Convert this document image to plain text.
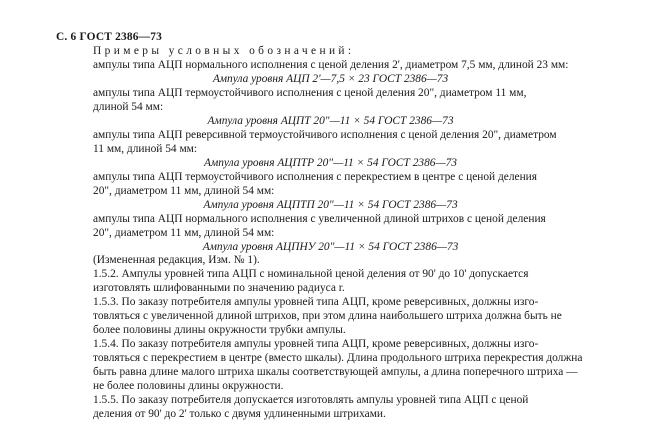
С. 6 ГОСТ 2386—73
Примеры условных обозначений:
ампулы типа АЦП нормального исполнения с ценой деления 2', диаметром 7,5 мм, длиной 23 мм:
Ампула уровня АЦП 2'—7,5 × 23 ГОСТ 2386—73
ампулы типа АЦП термоустойчивого исполнения с ценой деления 20", диаметром 11 мм,
длиной 54 мм:
Ампула уровня АЦПТ 20"—11 × 54 ГОСТ 2386—73
ампулы типа АЦП реверсивной термоустойчивого исполнения с ценой деления 20", диаметром
11 мм, длиной 54 мм:
Ампула уровня АЦПТР 20"—11 × 54 ГОСТ 2386—73
ампулы типа АЦП термоустойчивого исполнения с перекрестием в центре с ценой деления
20", диаметром 11 мм, длиной 54 мм:
Ампула уровня АЦПТП 20"—11 × 54 ГОСТ 2386—73
ампулы типа АЦП нормального исполнения с увеличенной длиной штрихов с ценой деления
20", диаметром 11 мм, длиной 54 мм:
Ампула уровня АЦПНУ 20"—11 × 54 ГОСТ 2386—73
(Измененная редакция, Изм. № 1).
1.5.2. Ампулы уровней типа АЦП с номинальной ценой деления от 90' до 10' допускается
изготовлять шлифованными по значению радиуса r.
1.5.3. По заказу потребителя ампулы уровней типа АЦП, кроме реверсивных, должны изго-
товляться с увеличенной длиной штрихов, при этом длина наибольшего штриха должна быть не
более половины длины окружности трубки ампулы.
1.5.4. По заказу потребителя ампулы уровней типа АЦП, кроме реверсивных, должны изго-
товляться с перекрестием в центре (вместо шкалы). Длина продольного штриха перекрестия должна
быть равна длине малого штриха шкалы соответствующей ампулы, а длина поперечного штриха —
не более половины длины окружности.
1.5.5. По заказу потребителя допускается изготовлять ампулы уровней типа АЦП с ценой
деления от 90' до 2' только с двумя удлиненными штрихами.
